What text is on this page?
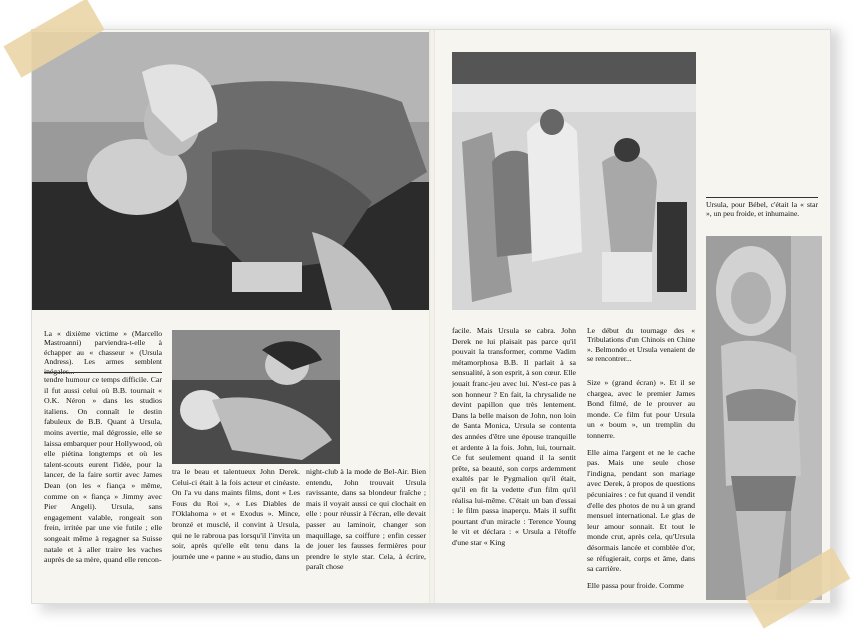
La « dixième victime » (Marcello Mastroanni) parviendra-t-elle à échapper au « chasseur » (Ursula Andress). Les armes semblent inégales...
Le début du tournage des « Tribulations d'un Chinois en Chine ». Belmondo et Ursula venaient de se rencontrer...
Ursula, pour Bébel, c'était la « star », un peu froide, et inhumaine.
tendre humour ce temps difficile. Car il fut aussi celui où B.B. tournait « O.K. Néron » dans les studios italiens. On connaît le destin fabuleux de B.B. Quant à Ursula, moins avertie, mal dégrossie, elle se laissa embarquer pour Hollywood, où elle piétina longtemps et où les talent-scouts eurent l'idée, pour la lancer, de la faire sortir avec James Dean (on les « fiança » même, comme on « fiança » Jimmy avec Pier Angeli). Ursula, sans engagement valable, rongeait son frein, irritée par une vie futile ; elle songeait même à regagner sa Suisse natale et à aller traire les vaches auprès de sa mère, quand elle rencon-
tra le beau et talentueux John Derek. Celui-ci était à la fois acteur et cinéaste. On l'a vu dans maints films, dont « Les Fous du Roi », « Les Diables de l'Oklahoma » et « Exodus ». Mince, bronzé et musclé, il convint à Ursula, qui ne le rabroua pas lorsqu'il l'invita un soir, après qu'elle eût tenu dans la journée une « panne » au studio, dans un
night-club à la mode de Bel-Air. Bien entendu, John trouvait Ursula ravissante, dans sa blondeur fraîche ; mais il voyait aussi ce qui clochait en elle : pour réussir à l'écran, elle devait passer au laminoir, changer son maquillage, sa coiffure ; enfin cesser de jouer les fausses fermières pour prendre le style star. Cela, à écrire, paraît chose
facile. Mais Ursula se cabra. John Derek ne lui plaisait pas parce qu'il pouvait la transformer, comme Vadim métamorphosa B.B. Il parlait à sa sensualité, à son esprit, à son cœur. Elle jouait franc-jeu avec lui. N'est-ce pas à son honneur ? En fait, la chrysalide ne devint papillon que très lentement. Dans la belle maison de John, non loin de Santa Monica, Ursula se contenta des années d'être une épouse tranquille et ardente à la fois. John, lui, tournait. Ce fut seulement quand il la sentit prête, sa beauté, son corps ardemment exaltés par le Pygmalion qu'il était, qu'il en fit la vedette d'un film qu'il réalisa lui-même. C'était un ban d'essai : le film passa inaperçu. Mais il suffit pourtant d'un miracle : Terence Young le vit et déclara : « Ursula a l'étoffe d'une star « King

Size » (grand écran) ». Et il se chargea, avec le premier James Bond filmé, de le prouver au monde. Ce film fut pour Ursula un « boum », un tremplin du tonnerre.

Elle aima l'argent et ne le cache pas. Mais une seule chose l'indigna, pendant son mariage avec Derek, à propos de questions pécuniaires : ce fut quand il vendit d'elle des photos de nu à un grand mensuel international. Le glas de leur amour sonnait. Et tout le monde crut, après cela, qu'Ursula désormais lancée et comblée d'or, se réfugierait, corps et âme, dans sa carrière.

Elle passa pour froide. Comme
